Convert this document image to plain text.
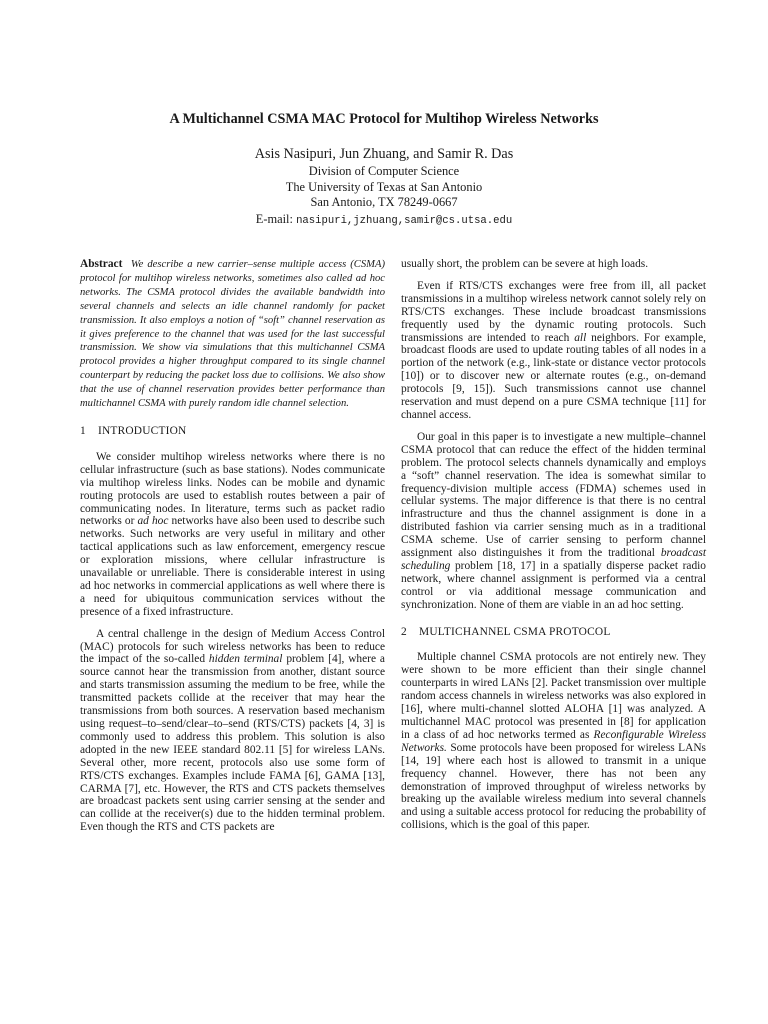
A Multichannel CSMA MAC Protocol for Multihop Wireless Networks
Asis Nasipuri, Jun Zhuang, and Samir R. Das
Division of Computer Science
The University of Texas at San Antonio
San Antonio, TX 78249-0667
E-mail: nasipuri,jzhuang,samir@cs.utsa.edu

Abstract We describe a new carrier–sense multiple access (CSMA) protocol for multihop wireless networks, sometimes also called ad hoc networks. The CSMA protocol divides the available bandwidth into several channels and selects an idle channel randomly for packet transmission. It also employs a notion of “soft” channel reservation as it gives preference to the channel that was used for the last successful transmission. We show via simulations that this multichannel CSMA protocol provides a higher throughput compared to its single channel counterpart by reducing the packet loss due to collisions. We also show that the use of channel reservation provides better performance than multichannel CSMA with purely random idle channel selection.

1 INTRODUCTION

We consider multihop wireless networks where there is no cellular infrastructure (such as base stations). Nodes communicate via multihop wireless links. Nodes can be mobile and dynamic routing protocols are used to establish routes between a pair of communicating nodes. In literature, terms such as packet radio networks or ad hoc networks have also been used to describe such networks. Such networks are very useful in military and other tactical applications such as law enforcement, emergency rescue or exploration missions, where cellular infrastructure is unavailable or unreliable. There is considerable interest in using ad hoc networks in commercial applications as well where there is a need for ubiquitous communication services without the presence of a fixed infrastructure.

A central challenge in the design of Medium Access Control (MAC) protocols for such wireless networks has been to reduce the impact of the so-called hidden terminal problem [4], where a source cannot hear the transmission from another, distant source and starts transmission assuming the medium to be free, while the transmitted packets collide at the receiver that may hear the transmissions from both sources. A reservation based mechanism using request–to–send/clear–to–send (RTS/CTS) packets [4, 3] is commonly used to address this problem. This solution is also adopted in the new IEEE standard 802.11 [5] for wireless LANs. Several other, more recent, protocols also use some form of RTS/CTS exchanges. Examples include FAMA [6], GAMA [13], CARMA [7], etc. However, the RTS and CTS packets themselves are broadcast packets sent using carrier sensing at the sender and can collide at the receiver(s) due to the hidden terminal problem. Even though the RTS and CTS packets are

usually short, the problem can be severe at high loads.

Even if RTS/CTS exchanges were free from ill, all packet transmissions in a multihop wireless network cannot solely rely on RTS/CTS exchanges. These include broadcast transmissions frequently used by the dynamic routing protocols. Such transmissions are intended to reach all neighbors. For example, broadcast floods are used to update routing tables of all nodes in a portion of the network (e.g., link-state or distance vector protocols [10]) or to discover new or alternate routes (e.g., on-demand protocols [9, 15]). Such transmissions cannot use channel reservation and must depend on a pure CSMA technique [11] for channel access.

Our goal in this paper is to investigate a new multiple–channel CSMA protocol that can reduce the effect of the hidden terminal problem. The protocol selects channels dynamically and employs a “soft” channel reservation. The idea is somewhat similar to frequency-division multiple access (FDMA) schemes used in cellular systems. The major difference is that there is no central infrastructure and thus the channel assignment is done in a distributed fashion via carrier sensing much as in a traditional CSMA scheme. Use of carrier sensing to perform channel assignment also distinguishes it from the traditional broadcast scheduling problem [18, 17] in a spatially disperse packet radio network, where channel assignment is performed via a central control or via additional message communication and synchronization. None of them are viable in an ad hoc setting.

2 MULTICHANNEL CSMA PROTOCOL

Multiple channel CSMA protocols are not entirely new. They were shown to be more efficient than their single channel counterparts in wired LANs [2]. Packet transmission over multiple random access channels in wireless networks was also explored in [16], where multi-channel slotted ALOHA [1] was analyzed. A multichannel MAC protocol was presented in [8] for application in a class of ad hoc networks termed as Reconfigurable Wireless Networks. Some protocols have been proposed for wireless LANs [14, 19] where each host is allowed to transmit in a unique frequency channel. However, there has not been any demonstration of improved throughput of wireless networks by breaking up the available wireless medium into several channels and using a suitable access protocol for reducing the probability of collisions, which is the goal of this paper.
